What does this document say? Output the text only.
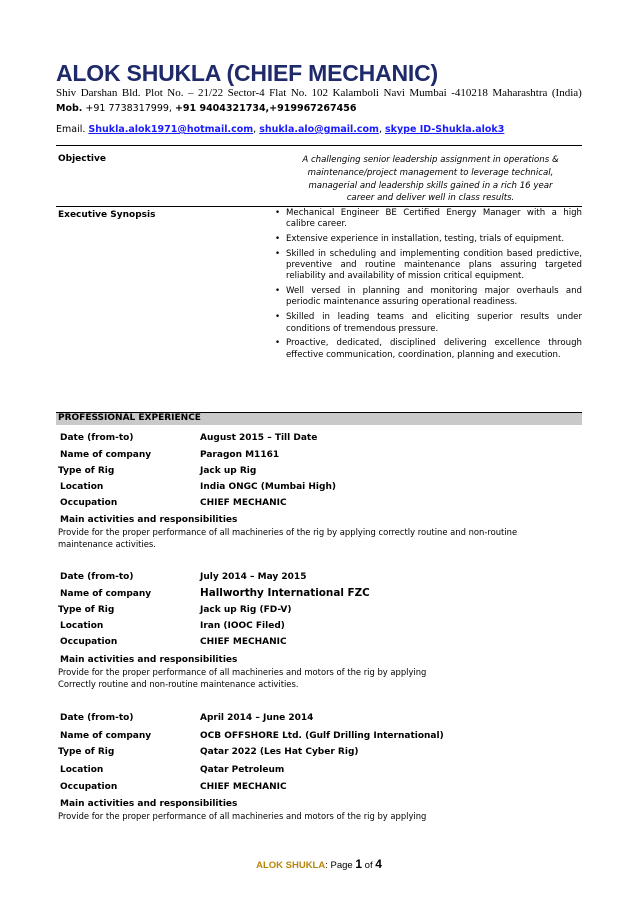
ALOK SHUKLA (CHIEF MECHANIC)
Shiv Darshan Bld. Plot No. – 21/22 Sector-4 Flat No. 102 Kalamboli Navi Mumbai -410218 Maharashtra (India)
Mob. +91 7738317999, +91 9404321734,+919967267456
Email. Shukla.alok1971@hotmail.com, shukla.alo@gmail.com, skype ID-Shukla.alok3
Objective	A challenging senior leadership assignment in operations &
maintenance/project management to leverage technical,
managerial and leadership skills gained in a rich 16 year
career and deliver well in class results.
Executive Synopsis
•	Mechanical Engineer BE Certified Energy Manager with a high calibre career.
• Extensive experience in installation, testing, trials of equipment.
• Skilled in scheduling and implementing condition based predictive, preventive and routine maintenance plans assuring targeted reliability and availability of mission critical equipment.
• Well versed in planning and monitoring major overhauls and periodic maintenance assuring operational readiness.
• Skilled in leading teams and eliciting superior results under conditions of tremendous pressure.
• Proactive, dedicated, disciplined delivering excellence through effective communication, coordination, planning and execution.
PROFESSIONAL EXPERIENCE
Date (from-to)	August 2015 – Till Date
Name of company	Paragon M1161
Type of Rig	Jack up Rig
Location	India ONGC (Mumbai High)
Occupation	CHIEF MECHANIC
Main activities and responsibilities
Provide for the proper performance of all machineries of the rig by applying correctly routine and non-routine
maintenance activities.
Date (from-to)	July 2014 – May 2015
Name of company	Hallworthy International FZC
Type of Rig	Jack up Rig (FD-V)
Location	Iran (IOOC Filed)
Occupation	CHIEF MECHANIC
Main activities and responsibilities
Provide for the proper performance of all machineries and motors of the rig by applying
Correctly routine and non-routine maintenance activities.
Date (from-to)	April 2014 – June 2014
Name of company	OCB OFFSHORE Ltd. (Gulf Drilling International)
Type of Rig	Qatar 2022 (Les Hat Cyber Rig)
Location	Qatar Petroleum
Occupation	CHIEF MECHANIC
Main activities and responsibilities
Provide for the proper performance of all machineries and motors of the rig by applying
ALOK SHUKLA: Page 1 of 4
